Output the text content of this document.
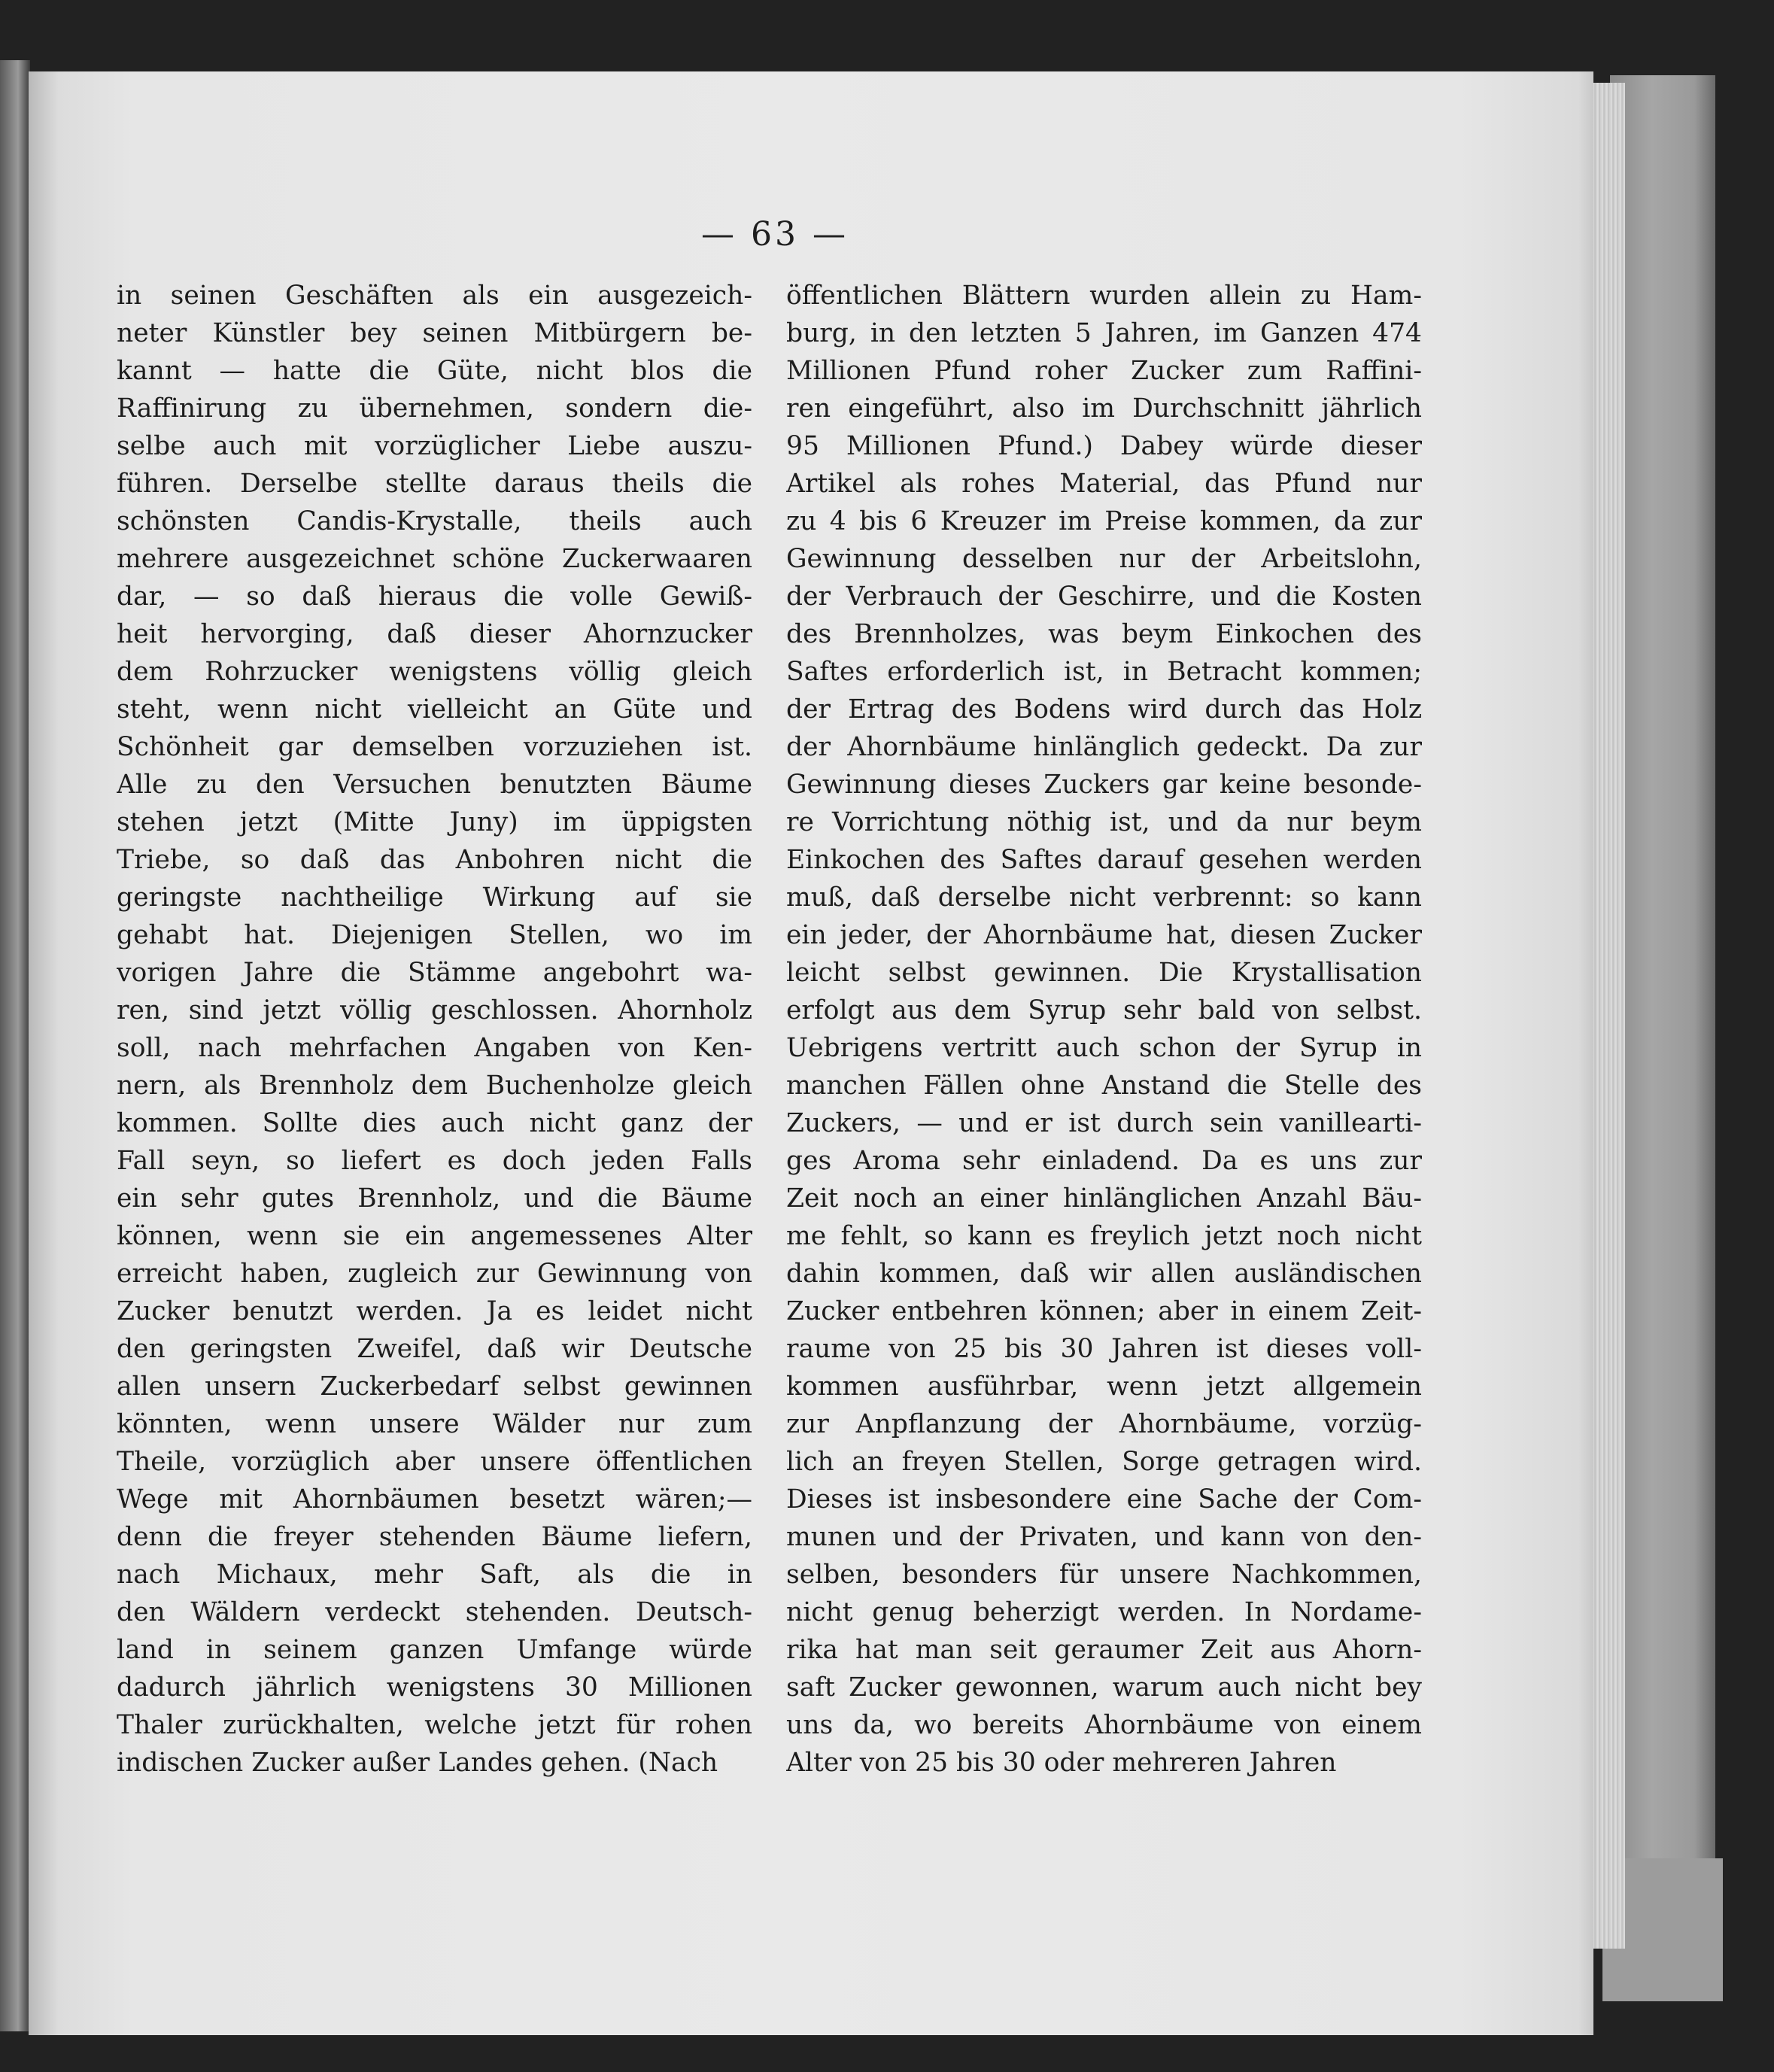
— 63 —
in seinen Geschäften als ein ausgezeich-
neter Künstler bey seinen Mitbürgern be-
kannt — hatte die Güte, nicht blos die
Raffinirung zu übernehmen, sondern die-
selbe auch mit vorzüglicher Liebe auszu-
führen. Derselbe stellte daraus theils die
schönsten Candis-Krystalle, theils auch
mehrere ausgezeichnet schöne Zuckerwaaren
dar, — so daß hieraus die volle Gewiß-
heit hervorging, daß dieser Ahornzucker
dem Rohrzucker wenigstens völlig gleich
steht, wenn nicht vielleicht an Güte und
Schönheit gar demselben vorzuziehen ist.
Alle zu den Versuchen benutzten Bäume
stehen jetzt (Mitte Juny) im üppigsten
Triebe, so daß das Anbohren nicht die
geringste nachtheilige Wirkung auf sie
gehabt hat. Diejenigen Stellen, wo im
vorigen Jahre die Stämme angebohrt wa-
ren, sind jetzt völlig geschlossen. Ahornholz
soll, nach mehrfachen Angaben von Ken-
nern, als Brennholz dem Buchenholze gleich
kommen. Sollte dies auch nicht ganz der
Fall seyn, so liefert es doch jeden Falls
ein sehr gutes Brennholz, und die Bäume
können, wenn sie ein angemessenes Alter
erreicht haben, zugleich zur Gewinnung von
Zucker benutzt werden. Ja es leidet nicht
den geringsten Zweifel, daß wir Deutsche
allen unsern Zuckerbedarf selbst gewinnen
könnten, wenn unsere Wälder nur zum
Theile, vorzüglich aber unsere öffentlichen
Wege mit Ahornbäumen besetzt wären;—
denn die freyer stehenden Bäume liefern,
nach Michaux, mehr Saft, als die in
den Wäldern verdeckt stehenden. Deutsch-
land in seinem ganzen Umfange würde
dadurch jährlich wenigstens 30 Millionen
Thaler zurückhalten, welche jetzt für rohen
indischen Zucker außer Landes gehen. (Nach
öffentlichen Blättern wurden allein zu Ham-
burg, in den letzten 5 Jahren, im Ganzen 474
Millionen Pfund roher Zucker zum Raffini-
ren eingeführt, also im Durchschnitt jährlich
95 Millionen Pfund.) Dabey würde dieser
Artikel als rohes Material, das Pfund nur
zu 4 bis 6 Kreuzer im Preise kommen, da zur
Gewinnung desselben nur der Arbeitslohn,
der Verbrauch der Geschirre, und die Kosten
des Brennholzes, was beym Einkochen des
Saftes erforderlich ist, in Betracht kommen;
der Ertrag des Bodens wird durch das Holz
der Ahornbäume hinlänglich gedeckt. Da zur
Gewinnung dieses Zuckers gar keine besonde-
re Vorrichtung nöthig ist, und da nur beym
Einkochen des Saftes darauf gesehen werden
muß, daß derselbe nicht verbrennt: so kann
ein jeder, der Ahornbäume hat, diesen Zucker
leicht selbst gewinnen. Die Krystallisation
erfolgt aus dem Syrup sehr bald von selbst.
Uebrigens vertritt auch schon der Syrup in
manchen Fällen ohne Anstand die Stelle des
Zuckers, — und er ist durch sein vanillearti-
ges Aroma sehr einladend. Da es uns zur
Zeit noch an einer hinlänglichen Anzahl Bäu-
me fehlt, so kann es freylich jetzt noch nicht
dahin kommen, daß wir allen ausländischen
Zucker entbehren können; aber in einem Zeit-
raume von 25 bis 30 Jahren ist dieses voll-
kommen ausführbar, wenn jetzt allgemein
zur Anpflanzung der Ahornbäume, vorzüg-
lich an freyen Stellen, Sorge getragen wird.
Dieses ist insbesondere eine Sache der Com-
munen und der Privaten, und kann von den-
selben, besonders für unsere Nachkommen,
nicht genug beherzigt werden. In Nordame-
rika hat man seit geraumer Zeit aus Ahorn-
saft Zucker gewonnen, warum auch nicht bey
uns da, wo bereits Ahornbäume von einem
Alter von 25 bis 30 oder mehreren Jahren
